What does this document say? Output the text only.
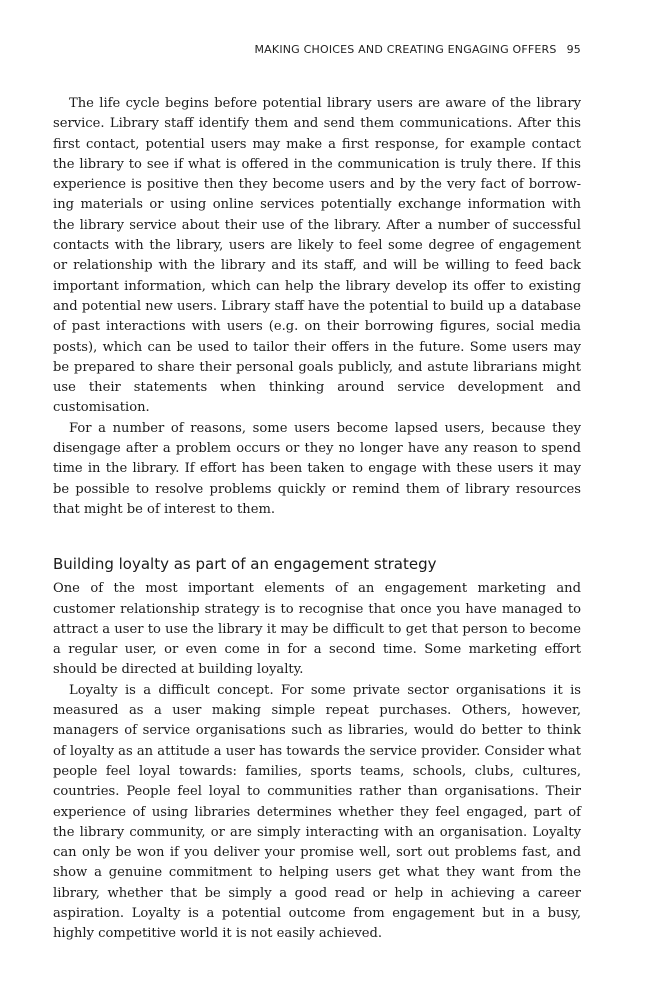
MAKING CHOICES AND CREATING ENGAGING OFFERS 95

The life cycle begins before potential library users are aware of the library service. Library staff identify them and send them communications. After this first contact, potential users may make a first response, for example contact the library to see if what is offered in the communication is truly there. If this experience is positive then they become users and by the very fact of borrow-ing materials or using online services potentially exchange information with the library service about their use of the library. After a number of successful contacts with the library, users are likely to feel some degree of engagement or relationship with the library and its staff, and will be willing to feed back important information, which can help the library develop its offer to existing and potential new users. Library staff have the potential to build up a database of past interactions with users (e.g. on their borrowing figures, social media posts), which can be used to tailor their offers in the future. Some users may be prepared to share their personal goals publicly, and astute librarians might use their statements when thinking around service development and customisation.

For a number of reasons, some users become lapsed users, because they disengage after a problem occurs or they no longer have any reason to spend time in the library. If effort has been taken to engage with these users it may be possible to resolve problems quickly or remind them of library resources that might be of interest to them.

Building loyalty as part of an engagement strategy

One of the most important elements of an engagement marketing and customer relationship strategy is to recognise that once you have managed to attract a user to use the library it may be difficult to get that person to become a regular user, or even come in for a second time. Some marketing effort should be directed at building loyalty.

Loyalty is a difficult concept. For some private sector organisations it is measured as a user making simple repeat purchases. Others, however, managers of service organisations such as libraries, would do better to think of loyalty as an attitude a user has towards the service provider. Consider what people feel loyal towards: families, sports teams, schools, clubs, cultures, countries. People feel loyal to communities rather than organisations. Their experience of using libraries determines whether they feel engaged, part of the library community, or are simply interacting with an organisation. Loyalty can only be won if you deliver your promise well, sort out problems fast, and show a genuine commitment to helping users get what they want from the library, whether that be simply a good read or help in achieving a career aspiration. Loyalty is a potential outcome from engagement but in a busy, highly competitive world it is not easily achieved.
